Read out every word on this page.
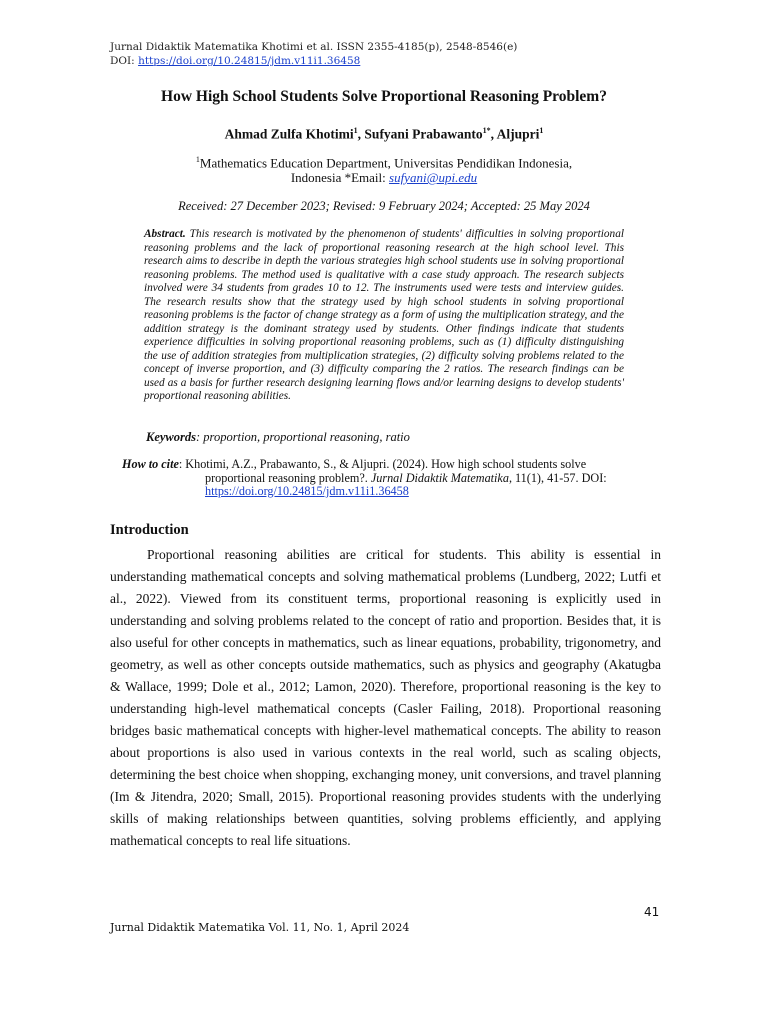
Jurnal Didaktik Matematika Khotimi et al. ISSN 2355-4185(p), 2548-8546(e)
DOI: https://doi.org/10.24815/jdm.v11i1.36458
How High School Students Solve Proportional Reasoning Problem?
Ahmad Zulfa Khotimi$^1$, Sufyani Prabawanto$^{1*}$, Aljupri$^1$
$^1$Mathematics Education Department, Universitas Pendidikan Indonesia,
Indonesia *Email: sufyani@upi.edu
Received: 27 December 2023; Revised: 9 February 2024; Accepted: 25 May 2024
Abstract. This research is motivated by the phenomenon of students' difficulties in solving proportional reasoning problems and the lack of proportional reasoning research at the high school level. This research aims to describe in depth the various strategies high school students use in solving proportional reasoning problems. The method used is qualitative with a case study approach. The research subjects involved were 34 students from grades 10 to 12. The instruments used were tests and interview guides. The research results show that the strategy used by high school students in solving proportional reasoning problems is the factor of change strategy as a form of using the multiplication strategy, and the addition strategy is the dominant strategy used by students. Other findings indicate that students experience difficulties in solving proportional reasoning problems, such as (1) difficulty distinguishing the use of addition strategies from multiplication strategies, (2) difficulty solving problems related to the concept of inverse proportion, and (3) difficulty comparing the 2 ratios. The research findings can be used as a basis for further research designing learning flows and/or learning designs to develop students' proportional reasoning abilities.
Keywords: proportion, proportional reasoning, ratio
How to cite: Khotimi, A.Z., Prabawanto, S., & Aljupri. (2024). How high school students solve
proportional reasoning problem?. Jurnal Didaktik Matematika, 11(1), 41-57. DOI:
https://doi.org/10.24815/jdm.v11i1.36458
Introduction
Proportional reasoning abilities are critical for students. This ability is essential in understanding mathematical concepts and solving mathematical problems (Lundberg, 2022; Lutfi et al., 2022). Viewed from its constituent terms, proportional reasoning is explicitly used in understanding and solving problems related to the concept of ratio and proportion. Besides that, it is also useful for other concepts in mathematics, such as linear equations, probability, trigonometry, and geometry, as well as other concepts outside mathematics, such as physics and geography (Akatugba & Wallace, 1999; Dole et al., 2012; Lamon, 2020). Therefore, proportional reasoning is the key to understanding high-level mathematical concepts (Casler Failing, 2018). Proportional reasoning bridges basic mathematical concepts with higher-level mathematical concepts. The ability to reason about proportions is also used in various contexts in the real world, such as scaling objects, determining the best choice when shopping, exchanging money, unit conversions, and travel planning (Im & Jitendra, 2020; Small, 2015). Proportional reasoning provides students with the underlying skills of making relationships between quantities, solving problems efficiently, and applying mathematical concepts to real life situations.
41
Jurnal Didaktik Matematika Vol. 11, No. 1, April 2024
